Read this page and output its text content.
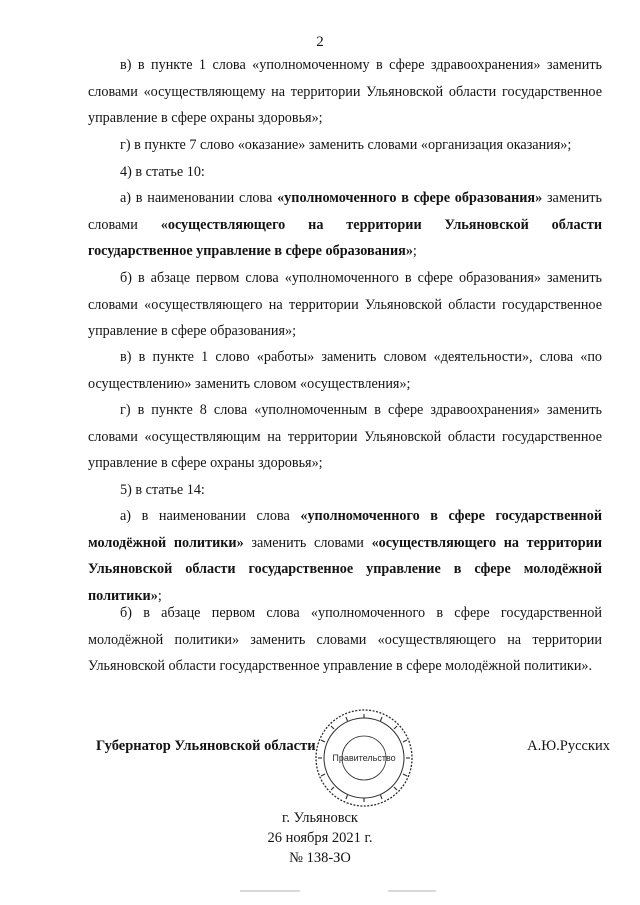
2

в) в пункте 1 слова «уполномоченному в сфере здравоохранения» заменить словами «осуществляющему на территории Ульяновской области государственное управление в сфере охраны здоровья»;

г) в пункте 7 слово «оказание» заменить словами «организация оказания»;

4) в статье 10:

а) в наименовании слова «уполномоченного в сфере образования» заменить словами «осуществляющего на территории Ульяновской области государственное управление в сфере образования»;

б) в абзаце первом слова «уполномоченного в сфере образования» заменить словами «осуществляющего на территории Ульяновской области государственное управление в сфере образования»;

в) в пункте 1 слово «работы» заменить словом «деятельности», слова «по осуществлению» заменить словом «осуществления»;

г) в пункте 8 слова «уполномоченным в сфере здравоохранения» заменить словами «осуществляющим на территории Ульяновской области государственное управление в сфере охраны здоровья»;

5) в статье 14:

а) в наименовании слова «уполномоченного в сфере государственной молодёжной политики» заменить словами «осуществляющего на территории Ульяновской области государственное управление в сфере молодёжной политики»;

б) в абзаце первом слова «уполномоченного в сфере государственной молодёжной политики» заменить словами «осуществляющего на территории Ульяновской области государственное управление в сфере молодёжной политики».

Губернатор Ульяновской области	А.Ю.Русских
Правительство
г. Ульяновск
26 ноября 2021 г.
№ 138-ЗО
